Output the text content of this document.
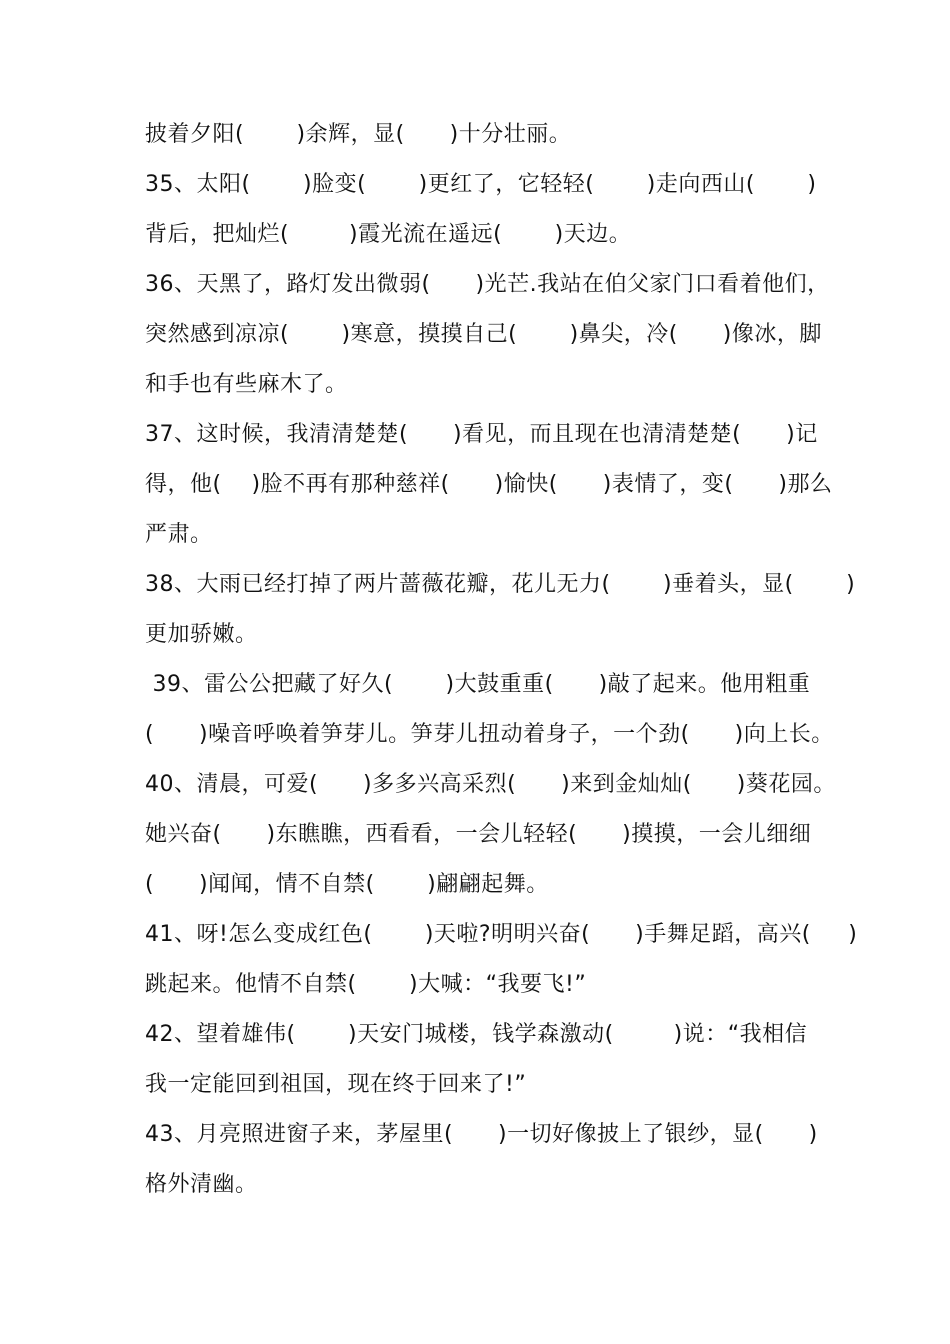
披着夕阳(       )余辉，显(      )十分壮丽。
35、太阳(       )脸变(       )更红了，它轻轻(       )走向西山(       )
背后，把灿烂(        )霞光流在遥远(       )天边。
36、天黑了，路灯发出微弱(      )光芒.我站在伯父家门口看着他们，
突然感到凉凉(       )寒意，摸摸自己(       )鼻尖，冷(      )像冰，脚
和手也有些麻木了。
37、这时候，我清清楚楚(      )看见，而且现在也清清楚楚(      )记
得，他(    )脸不再有那种慈祥(      )愉快(      )表情了，变(      )那么
严肃。
38、大雨已经打掉了两片蔷薇花瓣，花儿无力(       )垂着头，显(       )
更加骄嫩。
39、雷公公把藏了好久(       )大鼓重重(      )敲了起来。他用粗重
(      )噪音呼唤着笋芽儿。笋芽儿扭动着身子，一个劲(      )向上长。
40、清晨，可爱(      )多多兴高采烈(      )来到金灿灿(      )葵花园。
她兴奋(      )东瞧瞧，西看看，一会儿轻轻(      )摸摸，一会儿细细
(      )闻闻，情不自禁(       )翩翩起舞。
41、呀!怎么变成红色(       )天啦?明明兴奋(      )手舞足蹈，高兴(     )
跳起来。他情不自禁(       )大喊：“我要飞!”
42、望着雄伟(       )天安门城楼，钱学森激动(        )说：“我相信
我一定能回到祖国，现在终于回来了!”
43、月亮照进窗子来，茅屋里(      )一切好像披上了银纱，显(      )
格外清幽。
